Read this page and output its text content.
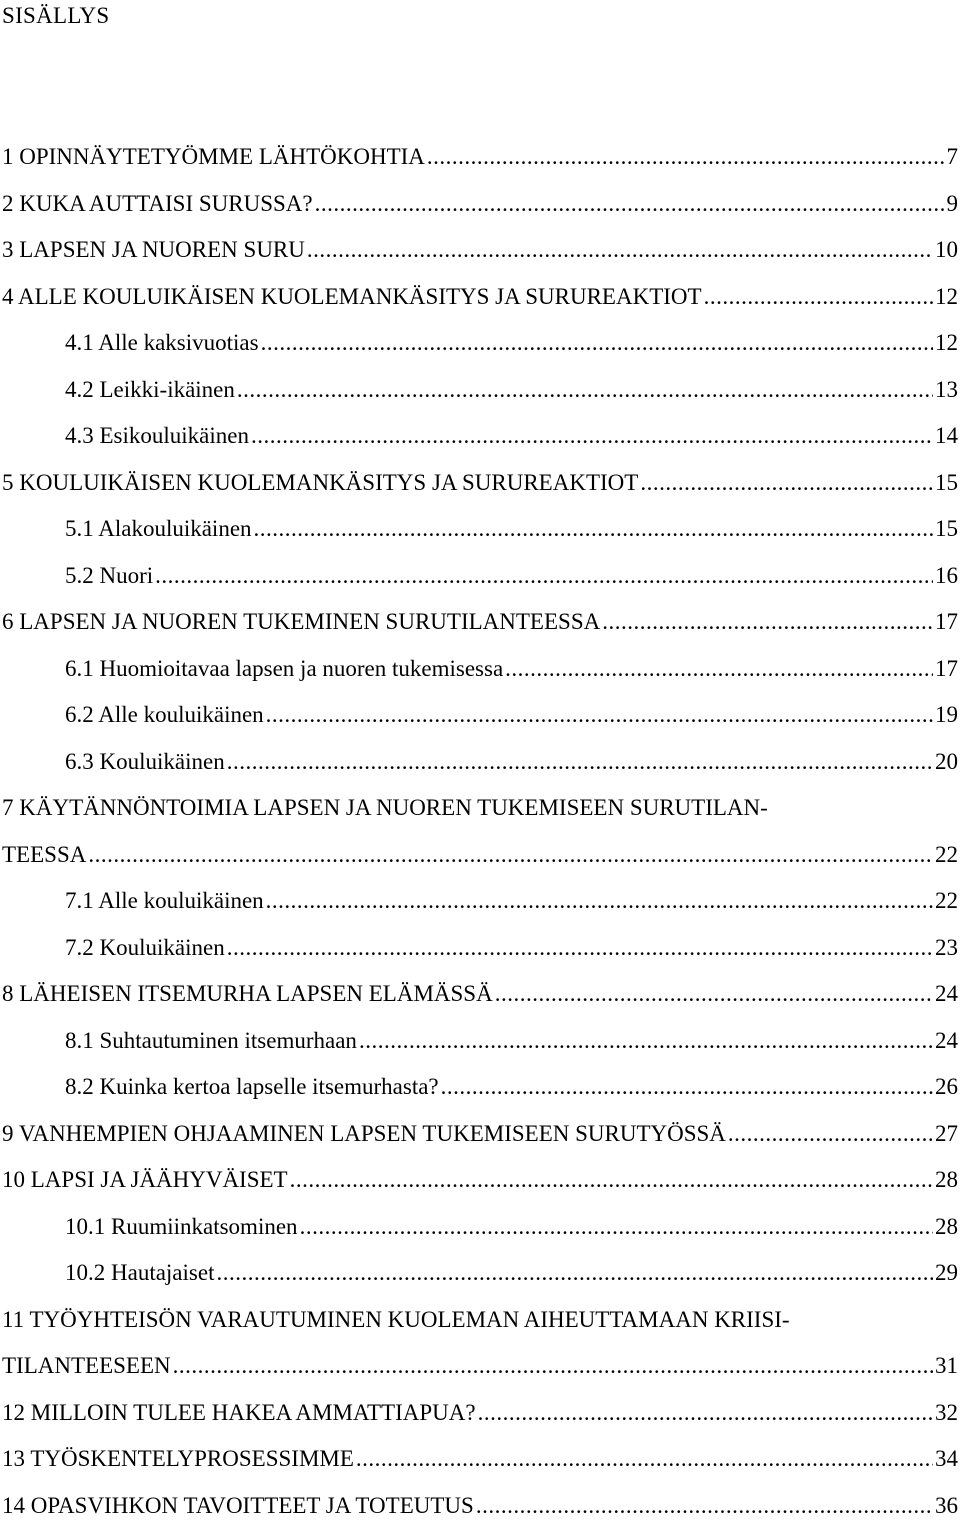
SISÄLLYS
1 OPINNÄYTETYÖMME LÄHTÖKOHTIA .....	7
2 KUKA AUTTAISI SURUSSA? .....	9
3 LAPSEN JA NUOREN SURU .....	10
4 ALLE KOULUIKÄISEN KUOLEMANKÄSITYS JA SURUREAKTIOT .....	12
4.1 Alle kaksivuotias .....	12
4.2 Leikki-ikäinen .....	13
4.3 Esikouluikäinen .....	14
5 KOULUIKÄISEN KUOLEMANKÄSITYS JA SURUREAKTIOT .....	15
5.1 Alakouluikäinen .....	15
5.2 Nuori .....	16
6 LAPSEN JA NUOREN TUKEMINEN SURUTILANTEESSA .....	17
6.1 Huomioitavaa lapsen ja nuoren tukemisessa .....	17
6.2 Alle kouluikäinen .....	19
6.3 Kouluikäinen .....	20
7 KÄYTÄNNÖNTOIMIA LAPSEN JA NUOREN TUKEMISEEN SURUTILAN-
TEESSA .....	22
7.1 Alle kouluikäinen .....	22
7.2 Kouluikäinen .....	23
8 LÄHEISEN ITSEMURHA LAPSEN ELÄMÄSSÄ .....	24
8.1 Suhtautuminen itsemurhaan .....	24
8.2 Kuinka kertoa lapselle itsemurhasta? .....	26
9 VANHEMPIEN OHJAAMINEN LAPSEN TUKEMISEEN SURUTYÖSSÄ .....	27
10 LAPSI JA JÄÄHYVÄISET .....	28
10.1 Ruumiinkatsominen .....	28
10.2 Hautajaiset .....	29
11 TYÖYHTEISÖN VARAUTUMINEN KUOLEMAN AIHEUTTAMAAN KRIISI-
TILANTEESEEN .....	31
12 MILLOIN TULEE HAKEA AMMATTIAPUA? .....	32
13 TYÖSKENTELYPROSESSIMME .....	34
14 OPASVIHKON TAVOITTEET JA TOTEUTUS .....	36
